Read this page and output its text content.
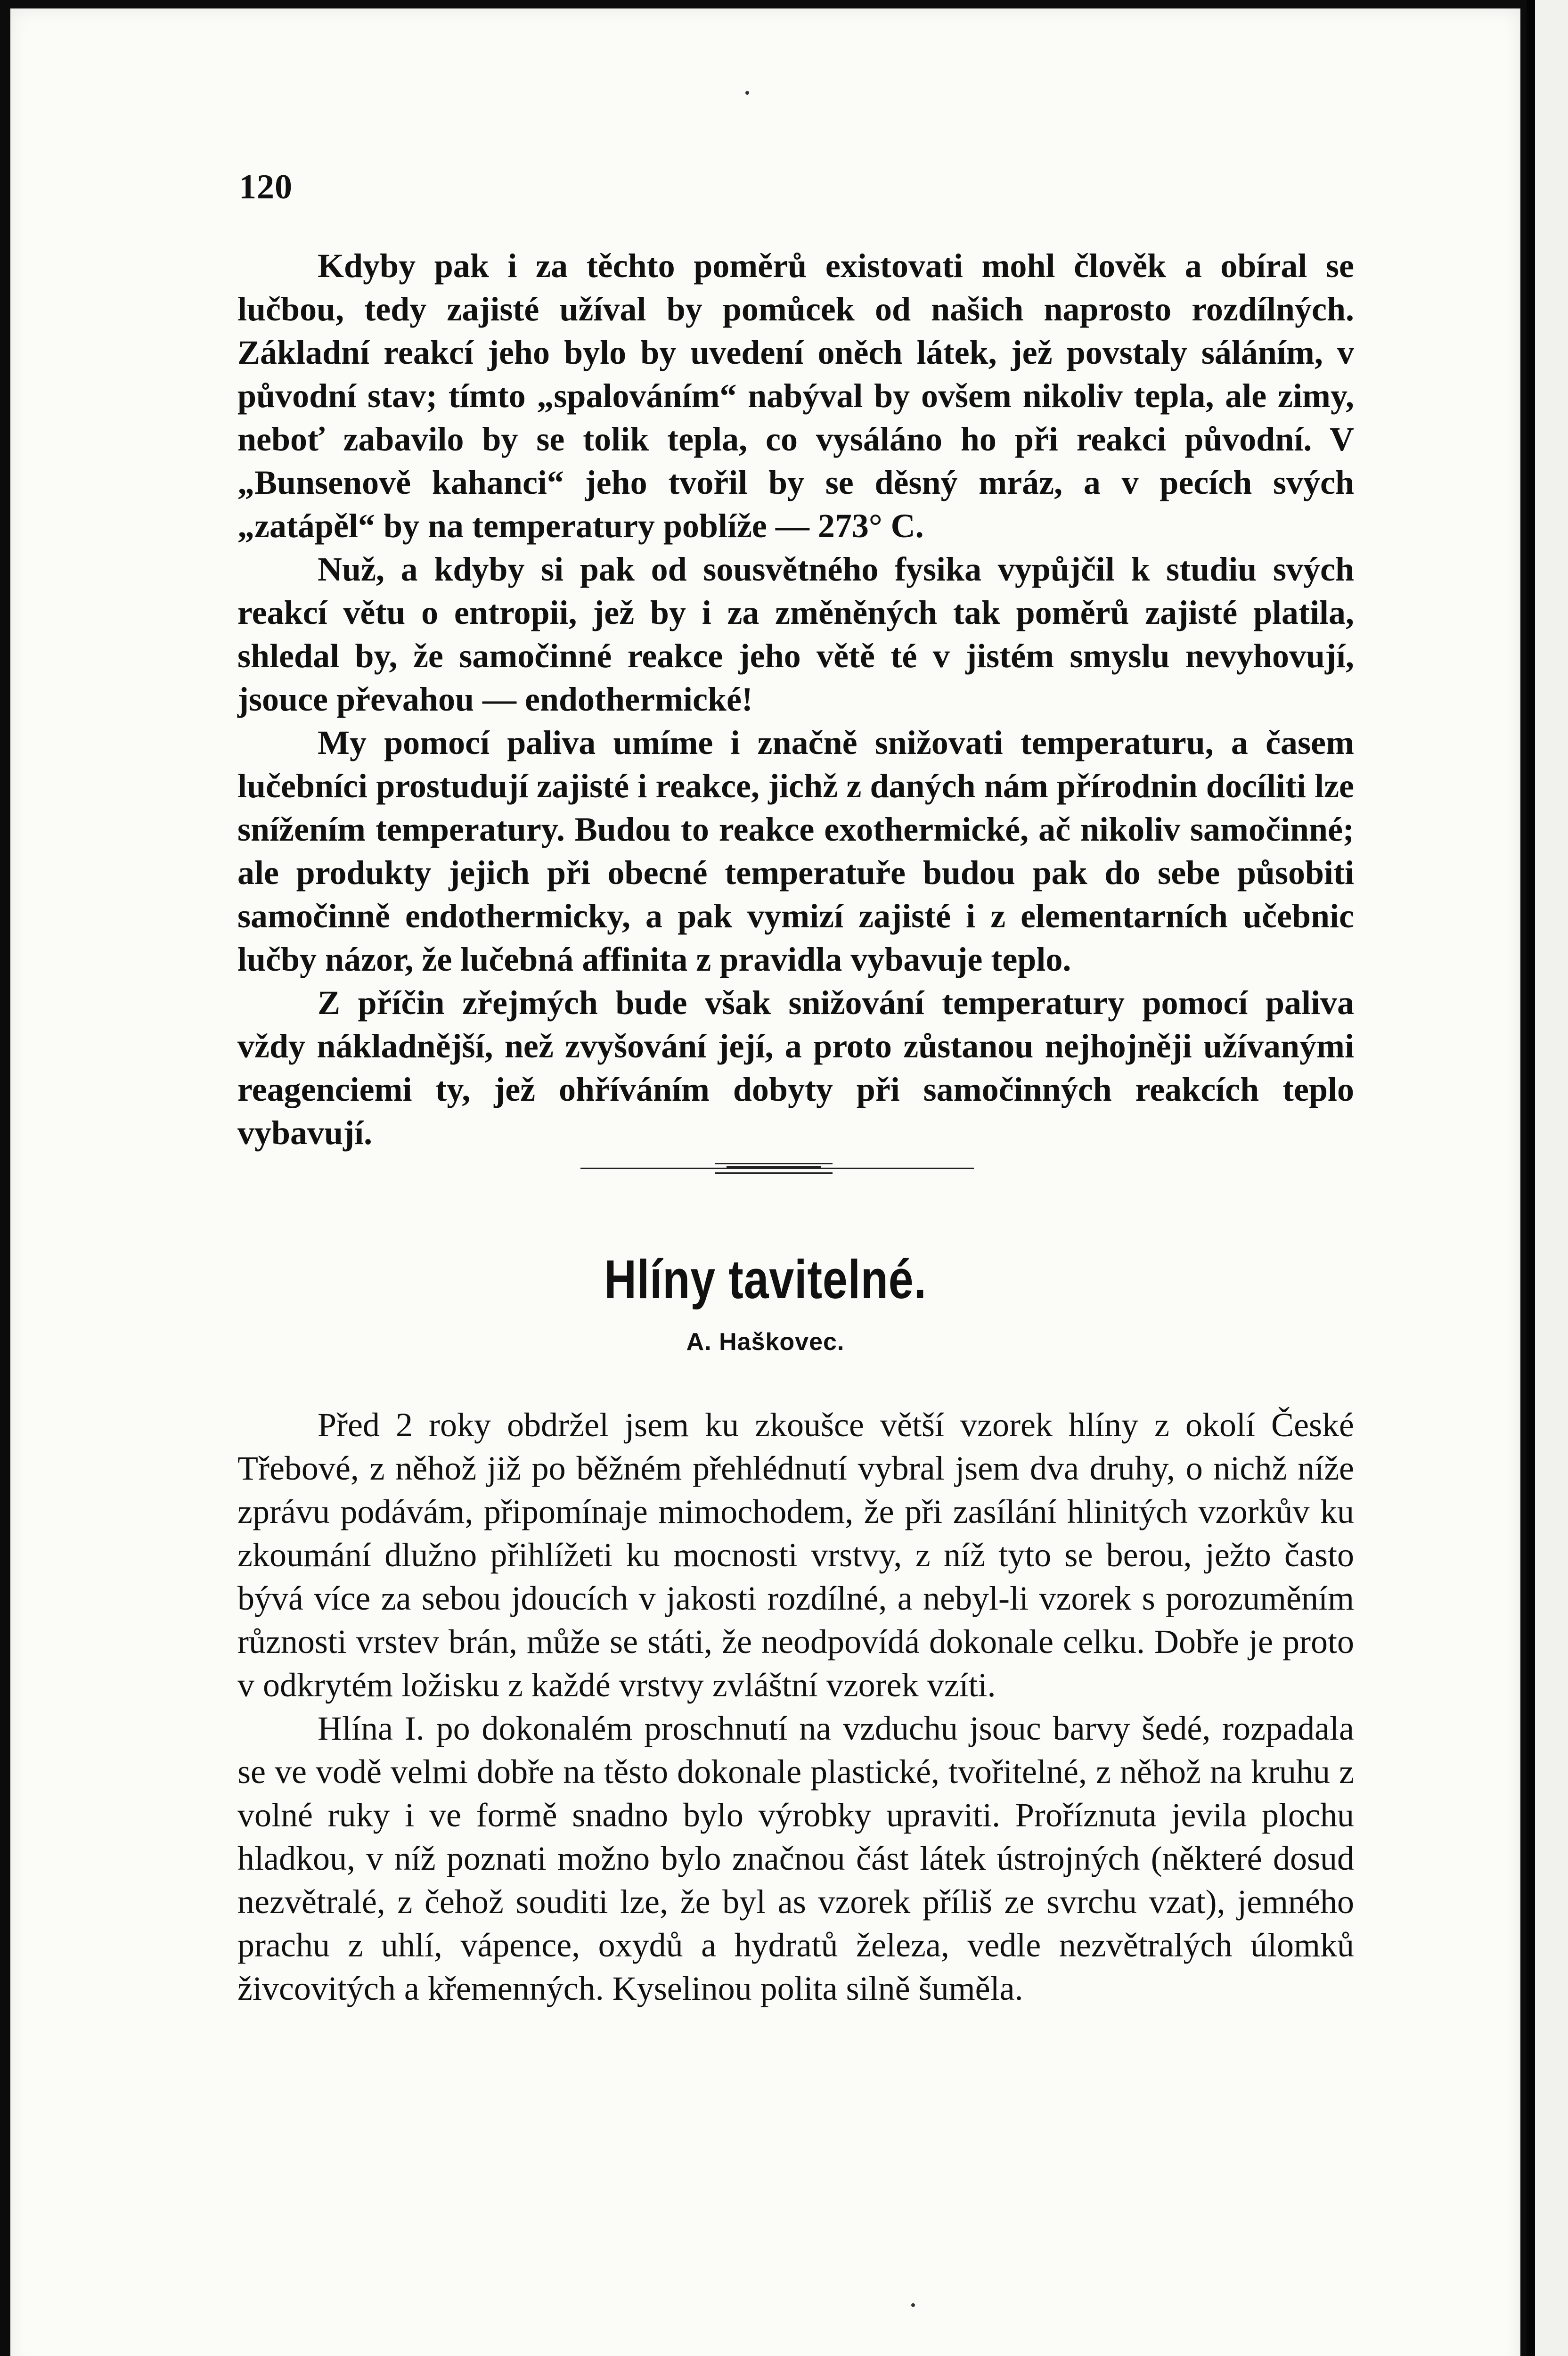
120

Kdyby pak i za těchto poměrů existovati mohl člověk a obíral se lučbou, tedy zajisté užíval by pomůcek od našich naprosto rozdílných. Základní reakcí jeho bylo by uvedení oněch látek, jež povstaly sáláním, v původní stav; tímto „spalováním“ nabýval by ovšem nikoliv tepla, ale zimy, neboť zabavilo by se tolik tepla, co vysáláno ho při reakci původní. V „Bunsenově kahanci“ jeho tvořil by se děsný mráz, a v pecích svých „zatápěl“ by na temperatury poblíže — 273° C.

Nuž, a kdyby si pak od sousvětného fysika vypůjčil k studiu svých reakcí větu o entropii, jež by i za změněných tak poměrů zajisté platila, shledal by, že samočinné reakce jeho větě té v jistém smyslu nevyhovují, jsouce převahou — endothermické!

My pomocí paliva umíme i značně snižovati temperaturu, a časem lučebníci prostudují zajisté i reakce, jichž z daných nám přírodnin docíliti lze snížením temperatury. Budou to reakce exothermické, ač nikoliv samočinné; ale produkty jejich při obecné temperatuře budou pak do sebe působiti samočinně endothermicky, a pak vymizí zajisté i z elementarních učebnic lučby názor, že lučebná affinita z pravidla vybavuje teplo.

Z příčin zřejmých bude však snižování temperatury pomocí paliva vždy nákladnější, než zvyšování její, a proto zůstanou nejhojněji užívanými reagenciemi ty, jež ohříváním dobyty při samočinných reakcích teplo vybavují.

Hlíny tavitelné.
A. Haškovec.

Před 2 roky obdržel jsem ku zkoušce větší vzorek hlíny z okolí České Třebové, z něhož již po běžném přehlédnutí vybral jsem dva druhy, o nichž níže zprávu podávám, připomínaje mimochodem, že při zasílání hlinitých vzorkův ku zkoumání dlužno přihlížeti ku mocnosti vrstvy, z níž tyto se berou, ježto často bývá více za sebou jdoucích v jakosti rozdílné, a nebyl-li vzorek s porozuměním různosti vrstev brán, může se státi, že neodpovídá dokonale celku. Dobře je proto v odkrytém ložisku z každé vrstvy zvláštní vzorek vzíti.

Hlína I. po dokonalém proschnutí na vzduchu jsouc barvy šedé, rozpadala se ve vodě velmi dobře na těsto dokonale plastické, tvořitelné, z něhož na kruhu z volné ruky i ve formě snadno bylo výrobky upraviti. Proříznuta jevila plochu hladkou, v níž poznati možno bylo značnou část látek ústrojných (některé dosud nezvětralé, z čehož souditi lze, že byl as vzorek příliš ze svrchu vzat), jemného prachu z uhlí, vápence, oxydů a hydratů železa, vedle nezvětralých úlomků živcovitých a křemenných. Kyselinou polita silně šuměla.
